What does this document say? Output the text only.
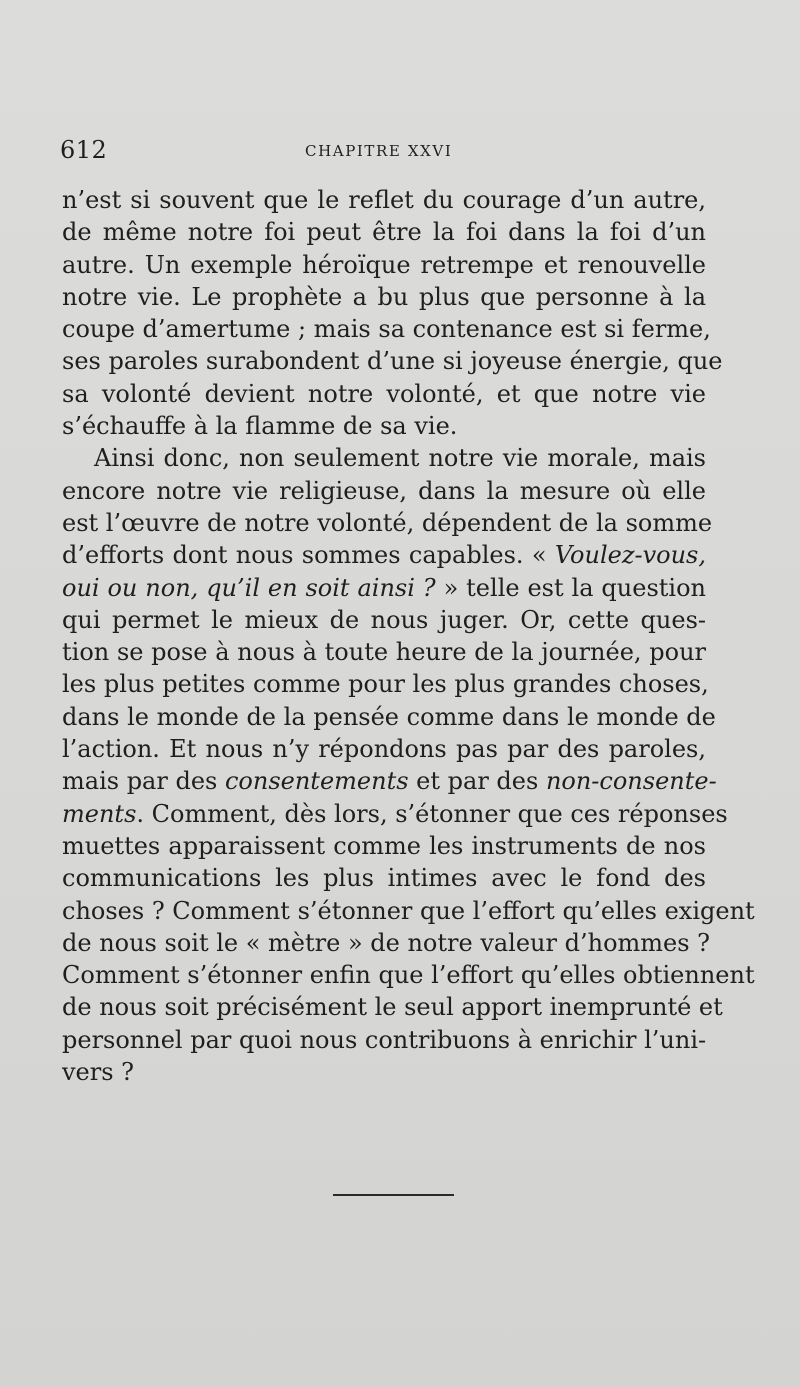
612	CHAPITRE XXVI
n’est si souvent que le reflet du courage d’un autre,
de même notre foi peut être la foi dans la foi d’un
autre. Un exemple héroïque retrempe et renouvelle
notre vie. Le prophète a bu plus que personne à la
coupe d’amertume ; mais sa contenance est si ferme,
ses paroles surabondent d’une si joyeuse énergie, que
sa volonté devient notre volonté, et que notre vie
s’échauffe à la flamme de sa vie.
Ainsi donc, non seulement notre vie morale, mais
encore notre vie religieuse, dans la mesure où elle
est l’œuvre de notre volonté, dépendent de la somme
d’efforts dont nous sommes capables. « Voulez-vous,
oui ou non, qu’il en soit ainsi ? » telle est la question
qui permet le mieux de nous juger. Or, cette ques-
tion se pose à nous à toute heure de la journée, pour
les plus petites comme pour les plus grandes choses,
dans le monde de la pensée comme dans le monde de
l’action. Et nous n’y répondons pas par des paroles,
mais par des consentements et par des non-consente-
ments. Comment, dès lors, s’étonner que ces réponses
muettes apparaissent comme les instruments de nos
communications les plus intimes avec le fond des
choses ? Comment s’étonner que l’effort qu’elles exigent
de nous soit le « mètre » de notre valeur d’hommes ?
Comment s’étonner enfin que l’effort qu’elles obtiennent
de nous soit précisément le seul apport inemprunté et
personnel par quoi nous contribuons à enrichir l’uni-
vers ?
